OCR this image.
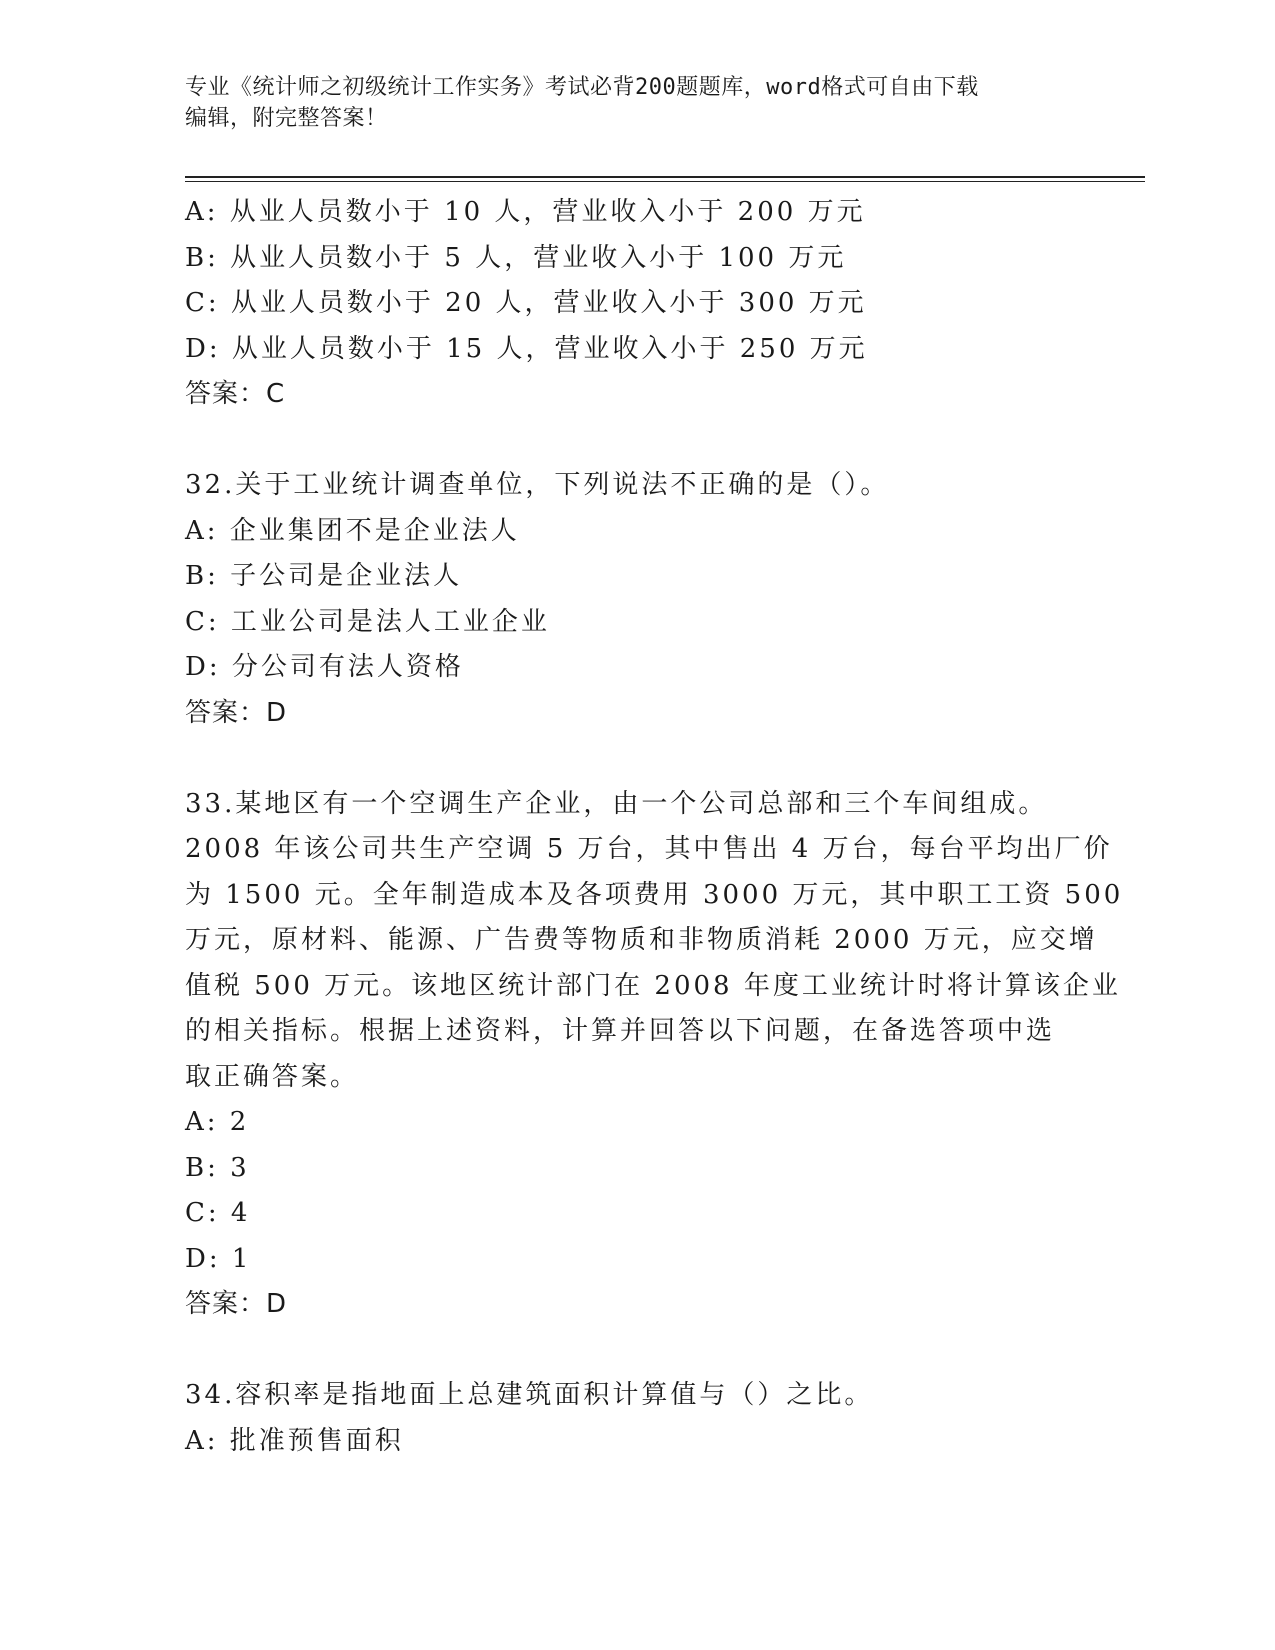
专业《统计师之初级统计工作实务》考试必背200题题库，word格式可自由下载
编辑，附完整答案！

A: 从业人员数小于 10 人，营业收入小于 200 万元

B: 从业人员数小于 5 人，营业收入小于 100 万元

C: 从业人员数小于 20 人，营业收入小于 300 万元

D: 从业人员数小于 15 人，营业收入小于 250 万元

答案：C

32.关于工业统计调查单位，下列说法不正确的是（）。

A: 企业集团不是企业法人

B: 子公司是企业法人

C: 工业公司是法人工业企业

D: 分公司有法人资格

答案：D

33.某地区有一个空调生产企业，由一个公司总部和三个车间组成。

2008 年该公司共生产空调 5 万台，其中售出 4 万台，每台平均出厂价

为 1500 元。全年制造成本及各项费用 3000 万元，其中职工工资 500

万元，原材料、能源、广告费等物质和非物质消耗 2000 万元，应交增

值税 500 万元。该地区统计部门在 2008 年度工业统计时将计算该企业

的相关指标。根据上述资料，计算并回答以下问题，在备选答项中选

取正确答案。

A: 2

B: 3

C: 4

D: 1

答案：D

34.容积率是指地面上总建筑面积计算值与（）之比。

A: 批准预售面积
